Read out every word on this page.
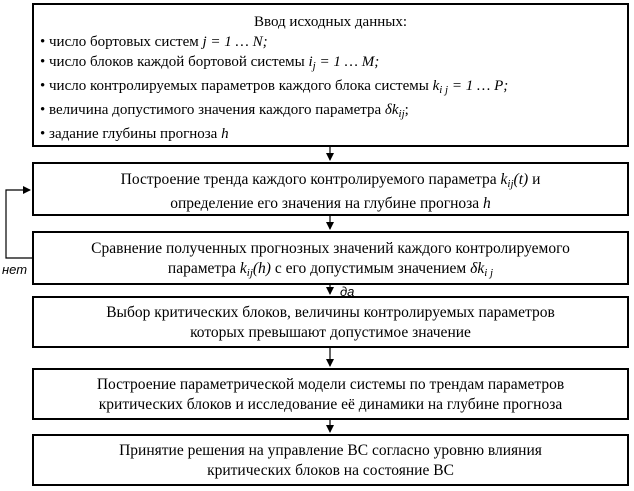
Ввод исходных данных:
• число бортовых систем j = 1 … N;
• число блоков каждой бортовой системы $i_j = 1$ … M;
• число контролируемых параметров каждого блока системы $k_{i j} = 1$ … P;
• величина допустимого значения каждого параметра $\delta k_{ij}$;
• задание глубины прогноза h
Построение тренда каждого контролируемого параметра $k_{ij}(t)$ и
определение его значения на глубине прогноза h
Сравнение полученных прогнозных значений каждого контролируемого
параметра $k_{ij}(h)$ с его допустимым значением $\delta k_{i j}$
Выбор критических блоков, величины контролируемых параметров
которых превышают допустимое значение
Построение параметрической модели системы по трендам параметров
критических блоков и исследование её динамики на глубине прогноза
Принятие решения на управление ВС согласно уровню влияния
критических блоков на состояние ВС
нет
да
